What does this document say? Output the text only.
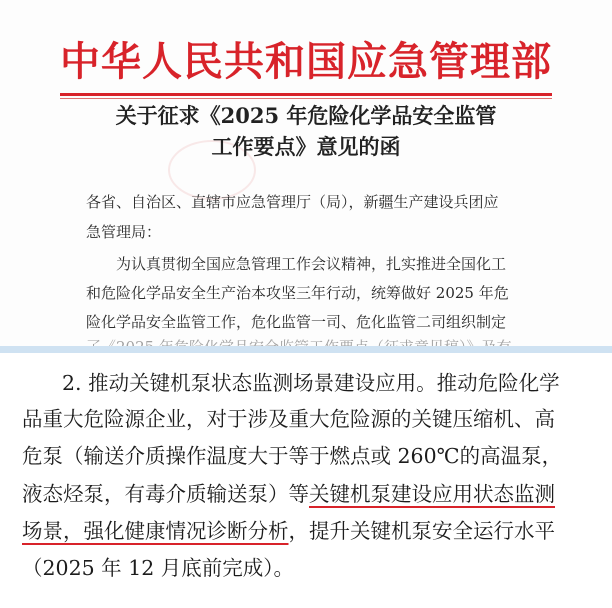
中华人民共和国应急管理部
关于征求《2025 年危险化学品安全监管
工作要点》意见的函
各省、自治区、直辖市应急管理厅（局），新疆生产建设兵团应
急管理局：
为认真贯彻全国应急管理工作会议精神，扎实推进全国化工
和危险化学品安全生产治本攻坚三年行动，统筹做好 2025 年危
险化学品安全监管工作，危化监管一司、危化监管二司组织制定
2. 推动关键机泵状态监测场景建设应用。推动危险化学
品重大危险源企业，对于涉及重大危险源的关键压缩机、高
危泵（输送介质操作温度大于等于燃点或 260℃的高温泵，
液态烃泵，有毒介质输送泵）等关键机泵建设应用状态监测
场景，强化健康情况诊断分析，提升关键机泵安全运行水平
（2025 年 12 月底前完成）。
